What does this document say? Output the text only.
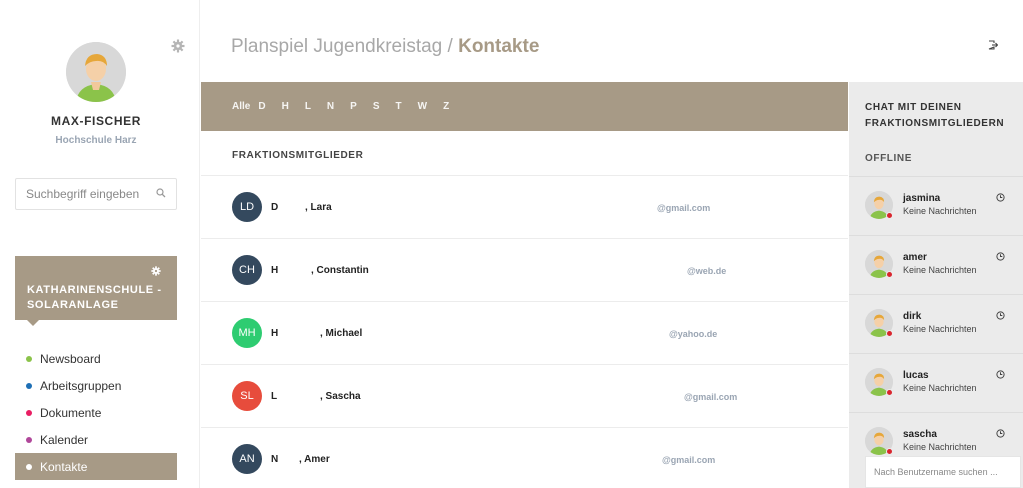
MAX-FISCHER
Hochschule Harz
Suchbegriff eingeben
KATHARINENSCHULE - SOLARANLAGE
Newsboard
Arbeitsgruppen
Dokumente
Kalender
Kontakte
Planspiel Jugendkreistag / Kontakte
Alle D H L N P S T W Z
FRAKTIONSMITGLIEDER
LD	D	, Lara	@gmail.com
CH	H	, Constantin	@web.de
MH	H	, Michael	@yahoo.de
SL	L	, Sascha	@gmail.com
AN	N , Amer	@gmail.com
CHAT MIT DEINEN FRAKTIONSMITGLIEDERN
OFFLINE
jasmina
Keine Nachrichten
amer
Keine Nachrichten
dirk
Keine Nachrichten
lucas
Keine Nachrichten
sascha
Keine Nachrichten
Nach Benutzername suchen ...
